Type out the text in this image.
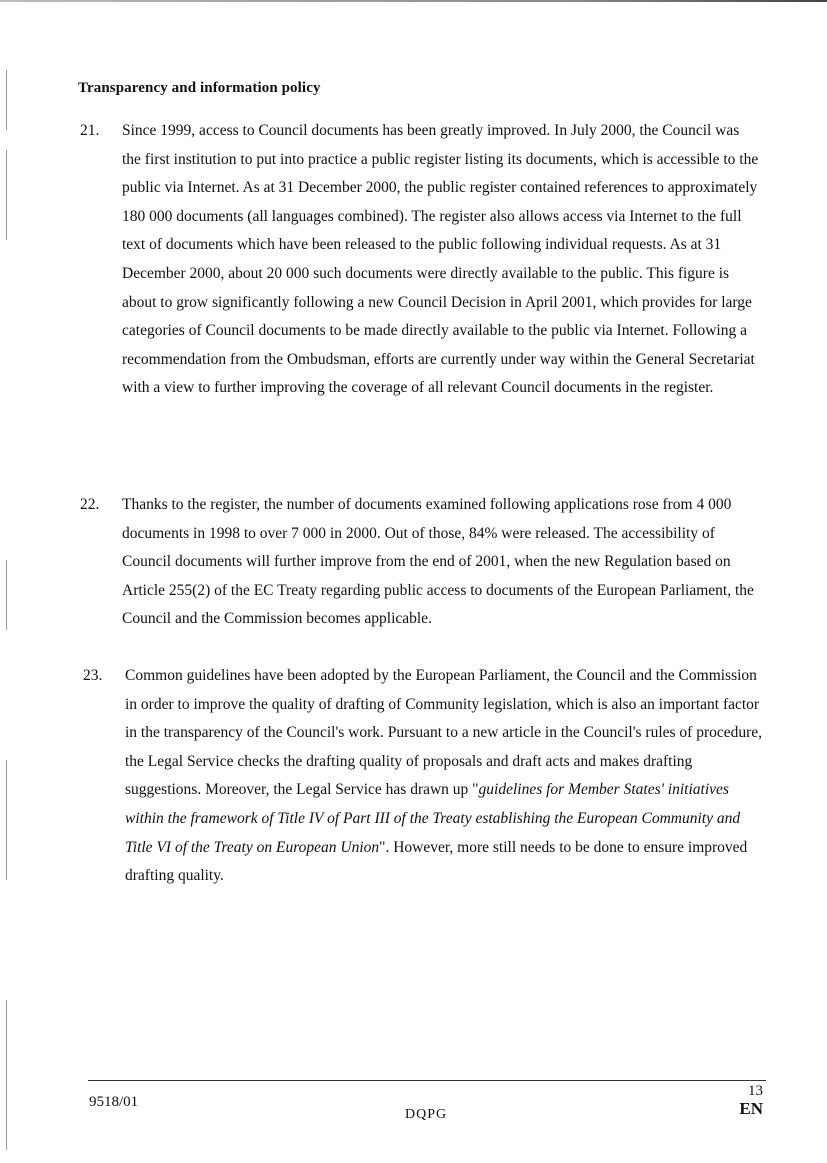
Transparency and information policy
21. Since 1999, access to Council documents has been greatly improved. In July 2000, the Council was the first institution to put into practice a public register listing its documents, which is accessible to the public via Internet. As at 31 December 2000, the public register contained references to approximately 180 000 documents (all languages combined). The register also allows access via Internet to the full text of documents which have been released to the public following individual requests. As at 31 December 2000, about 20 000 such documents were directly available to the public. This figure is about to grow significantly following a new Council Decision in April 2001, which provides for large categories of Council documents to be made directly available to the public via Internet. Following a recommendation from the Ombudsman, efforts are currently under way within the General Secretariat with a view to further improving the coverage of all relevant Council documents in the register.
22. Thanks to the register, the number of documents examined following applications rose from 4 000 documents in 1998 to over 7 000 in 2000. Out of those, 84% were released. The accessibility of Council documents will further improve from the end of 2001, when the new Regulation based on Article 255(2) of the EC Treaty regarding public access to documents of the European Parliament, the Council and the Commission becomes applicable.
23. Common guidelines have been adopted by the European Parliament, the Council and the Commission in order to improve the quality of drafting of Community legislation, which is also an important factor in the transparency of the Council's work. Pursuant to a new article in the Council's rules of procedure, the Legal Service checks the drafting quality of proposals and draft acts and makes drafting suggestions. Moreover, the Legal Service has drawn up "guidelines for Member States' initiatives within the framework of Title IV of Part III of the Treaty establishing the European Community and Title VI of the Treaty on European Union". However, more still needs to be done to ensure improved drafting quality.
9518/01
DQPG
13
EN
